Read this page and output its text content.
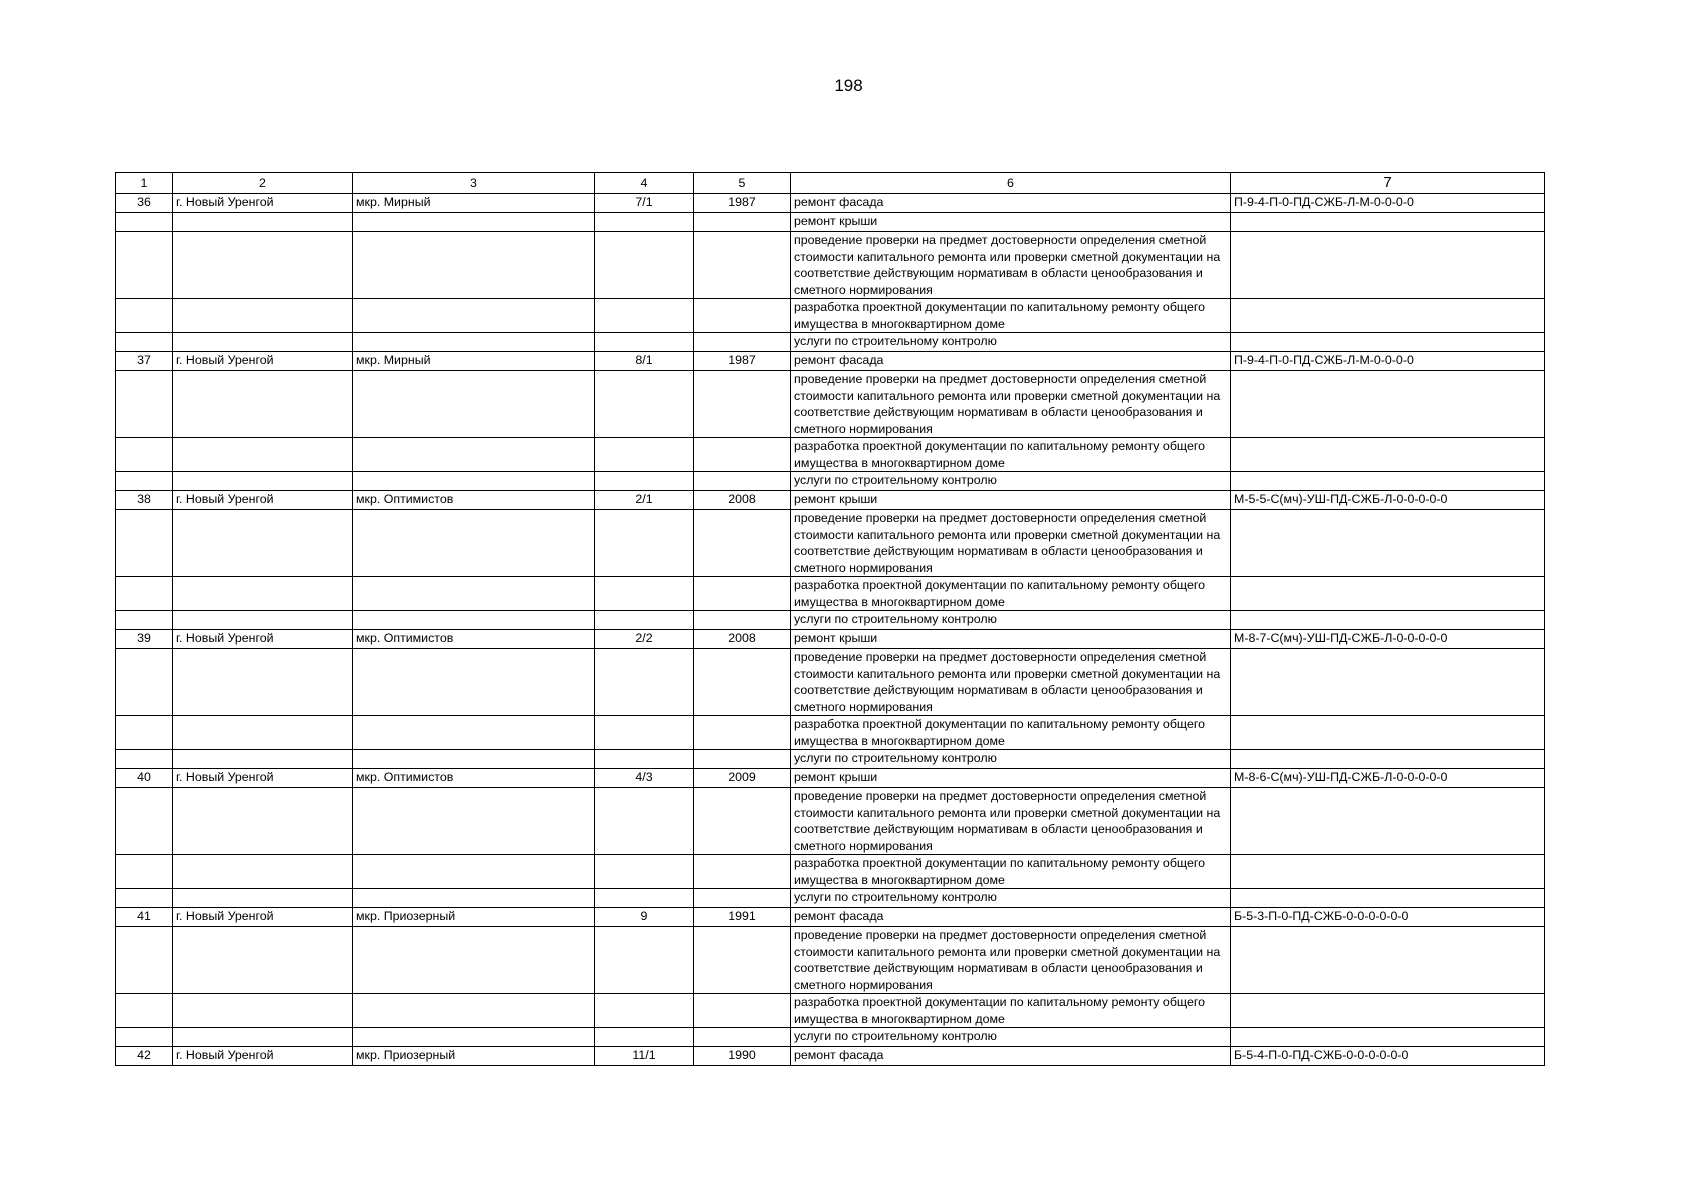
198
1	2	3	4	5	6	7
36	г. Новый Уренгой	мкр. Мирный	7/1	1987	ремонт фасада	П-9-4-П-0-ПД-СЖБ-Л-М-0-0-0-0
					ремонт крыши	
					проведение проверки на предмет достоверности определения сметной стоимости капитального ремонта или проверки сметной документации на соответствие действующим нормативам в области ценообразования и сметного нормирования	
					разработка проектной документации по капитальному ремонту общего имущества в многоквартирном доме	
					услуги по строительному контролю	
37	г. Новый Уренгой	мкр. Мирный	8/1	1987	ремонт фасада	П-9-4-П-0-ПД-СЖБ-Л-М-0-0-0-0
					проведение проверки на предмет достоверности определения сметной стоимости капитального ремонта или проверки сметной документации на соответствие действующим нормативам в области ценообразования и сметного нормирования	
					разработка проектной документации по капитальному ремонту общего имущества в многоквартирном доме	
					услуги по строительному контролю	
38	г. Новый Уренгой	мкр. Оптимистов	2/1	2008	ремонт крыши	М-5-5-С(мч)-УШ-ПД-СЖБ-Л-0-0-0-0-0
					проведение проверки на предмет достоверности определения сметной стоимости капитального ремонта или проверки сметной документации на соответствие действующим нормативам в области ценообразования и сметного нормирования	
					разработка проектной документации по капитальному ремонту общего имущества в многоквартирном доме	
					услуги по строительному контролю	
39	г. Новый Уренгой	мкр. Оптимистов	2/2	2008	ремонт крыши	М-8-7-С(мч)-УШ-ПД-СЖБ-Л-0-0-0-0-0
					проведение проверки на предмет достоверности определения сметной стоимости капитального ремонта или проверки сметной документации на соответствие действующим нормативам в области ценообразования и сметного нормирования	
					разработка проектной документации по капитальному ремонту общего имущества в многоквартирном доме	
					услуги по строительному контролю	
40	г. Новый Уренгой	мкр. Оптимистов	4/3	2009	ремонт крыши	М-8-6-С(мч)-УШ-ПД-СЖБ-Л-0-0-0-0-0
					проведение проверки на предмет достоверности определения сметной стоимости капитального ремонта или проверки сметной документации на соответствие действующим нормативам в области ценообразования и сметного нормирования	
					разработка проектной документации по капитальному ремонту общего имущества в многоквартирном доме	
					услуги по строительному контролю	
41	г. Новый Уренгой	мкр. Приозерный	9	1991	ремонт фасада	Б-5-3-П-0-ПД-СЖБ-0-0-0-0-0-0
					проведение проверки на предмет достоверности определения сметной стоимости капитального ремонта или проверки сметной документации на соответствие действующим нормативам в области ценообразования и сметного нормирования	
					разработка проектной документации по капитальному ремонту общего имущества в многоквартирном доме	
					услуги по строительному контролю	
42	г. Новый Уренгой	мкр. Приозерный	11/1	1990	ремонт фасада	Б-5-4-П-0-ПД-СЖБ-0-0-0-0-0-0
